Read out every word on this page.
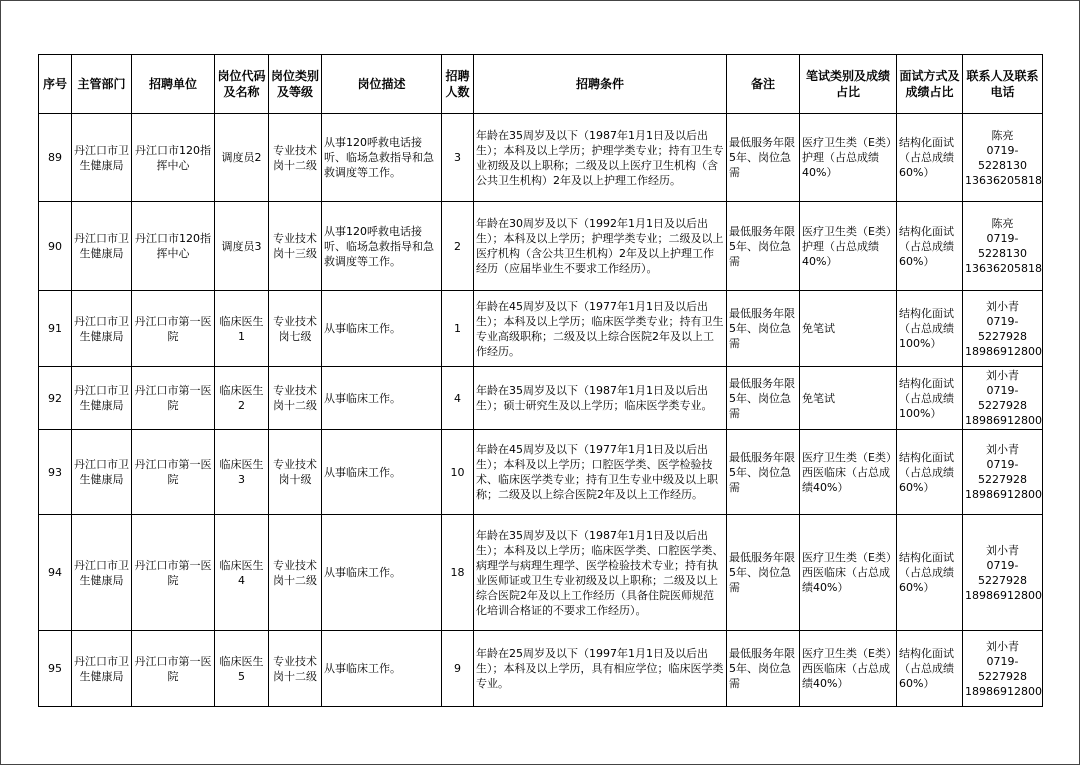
序号	主管部门	招聘单位	岗位代码及名称	岗位类别及等级	岗位描述	招聘人数	招聘条件	备注	笔试类别及成绩占比	面试方式及成绩占比	联系人及联系电话
89	丹江口市卫生健康局	丹江口市120指挥中心	调度员2	专业技术岗十二级	从事120呼救电话接听、临场急救指导和急救调度等工作。	3	年龄在35周岁及以下（1987年1月1日及以后出生）；本科及以上学历；护理学类专业；持有卫生专业初级及以上职称；二级及以上医疗卫生机构（含公共卫生机构）2年及以上护理工作经历。	最低服务年限5年、岗位急需	医疗卫生类（E类）护理（占总成绩40%）	结构化面试（占总成绩60%）	陈亮
0719-5228130
13636205818

90	丹江口市卫生健康局	丹江口市120指挥中心	调度员3	专业技术岗十三级	从事120呼救电话接听、临场急救指导和急救调度等工作。	2	年龄在30周岁及以下（1992年1月1日及以后出生）；本科及以上学历；护理学类专业；二级及以上医疗机构（含公共卫生机构）2年及以上护理工作经历（应届毕业生不要求工作经历）。	最低服务年限5年、岗位急需	医疗卫生类（E类）护理（占总成绩40%）	结构化面试（占总成绩60%）	陈亮
0719-5228130
13636205818

91	丹江口市卫生健康局	丹江口市第一医院	临床医生1	专业技术岗七级	从事临床工作。	1	年龄在45周岁及以下（1977年1月1日及以后出生）；本科及以上学历；临床医学类专业；持有卫生专业高级职称；二级及以上综合医院2年及以上工作经历。	最低服务年限5年、岗位急需	免笔试	结构化面试（占总成绩100%）	刘小青
0719-5227928
18986912800

92	丹江口市卫生健康局	丹江口市第一医院	临床医生2	专业技术岗十二级	从事临床工作。	4	年龄在35周岁及以下（1987年1月1日及以后出生）；硕士研究生及以上学历；临床医学类专业。	最低服务年限5年、岗位急需	免笔试	结构化面试（占总成绩100%）	刘小青
0719-5227928
18986912800

93	丹江口市卫生健康局	丹江口市第一医院	临床医生3	专业技术岗十级	从事临床工作。	10	年龄在45周岁及以下（1977年1月1日及以后出生）；本科及以上学历；口腔医学类、医学检验技术、临床医学类专业；持有卫生专业中级及以上职称；二级及以上综合医院2年及以上工作经历。	最低服务年限5年、岗位急需	医疗卫生类（E类）西医临床（占总成绩40%）	结构化面试（占总成绩60%）	刘小青
0719-5227928
18986912800

94	丹江口市卫生健康局	丹江口市第一医院	临床医生4	专业技术岗十二级	从事临床工作。	18	年龄在35周岁及以下（1987年1月1日及以后出生）；本科及以上学历；临床医学类、口腔医学类、病理学与病理生理学、医学检验技术专业；持有执业医师证或卫生专业初级及以上职称；二级及以上综合医院2年及以上工作经历（具备住院医师规范化培训合格证的不要求工作经历）。	最低服务年限5年、岗位急需	医疗卫生类（E类）西医临床（占总成绩40%）	结构化面试（占总成绩60%）	刘小青
0719-5227928
18986912800

95	丹江口市卫生健康局	丹江口市第一医院	临床医生5	专业技术岗十二级	从事临床工作。	9	年龄在25周岁及以下（1997年1月1日及以后出生）；本科及以上学历，具有相应学位；临床医学类专业。	最低服务年限5年、岗位急需	医疗卫生类（E类）西医临床（占总成绩40%）	结构化面试（占总成绩60%）	刘小青
0719-5227928
18986912800
